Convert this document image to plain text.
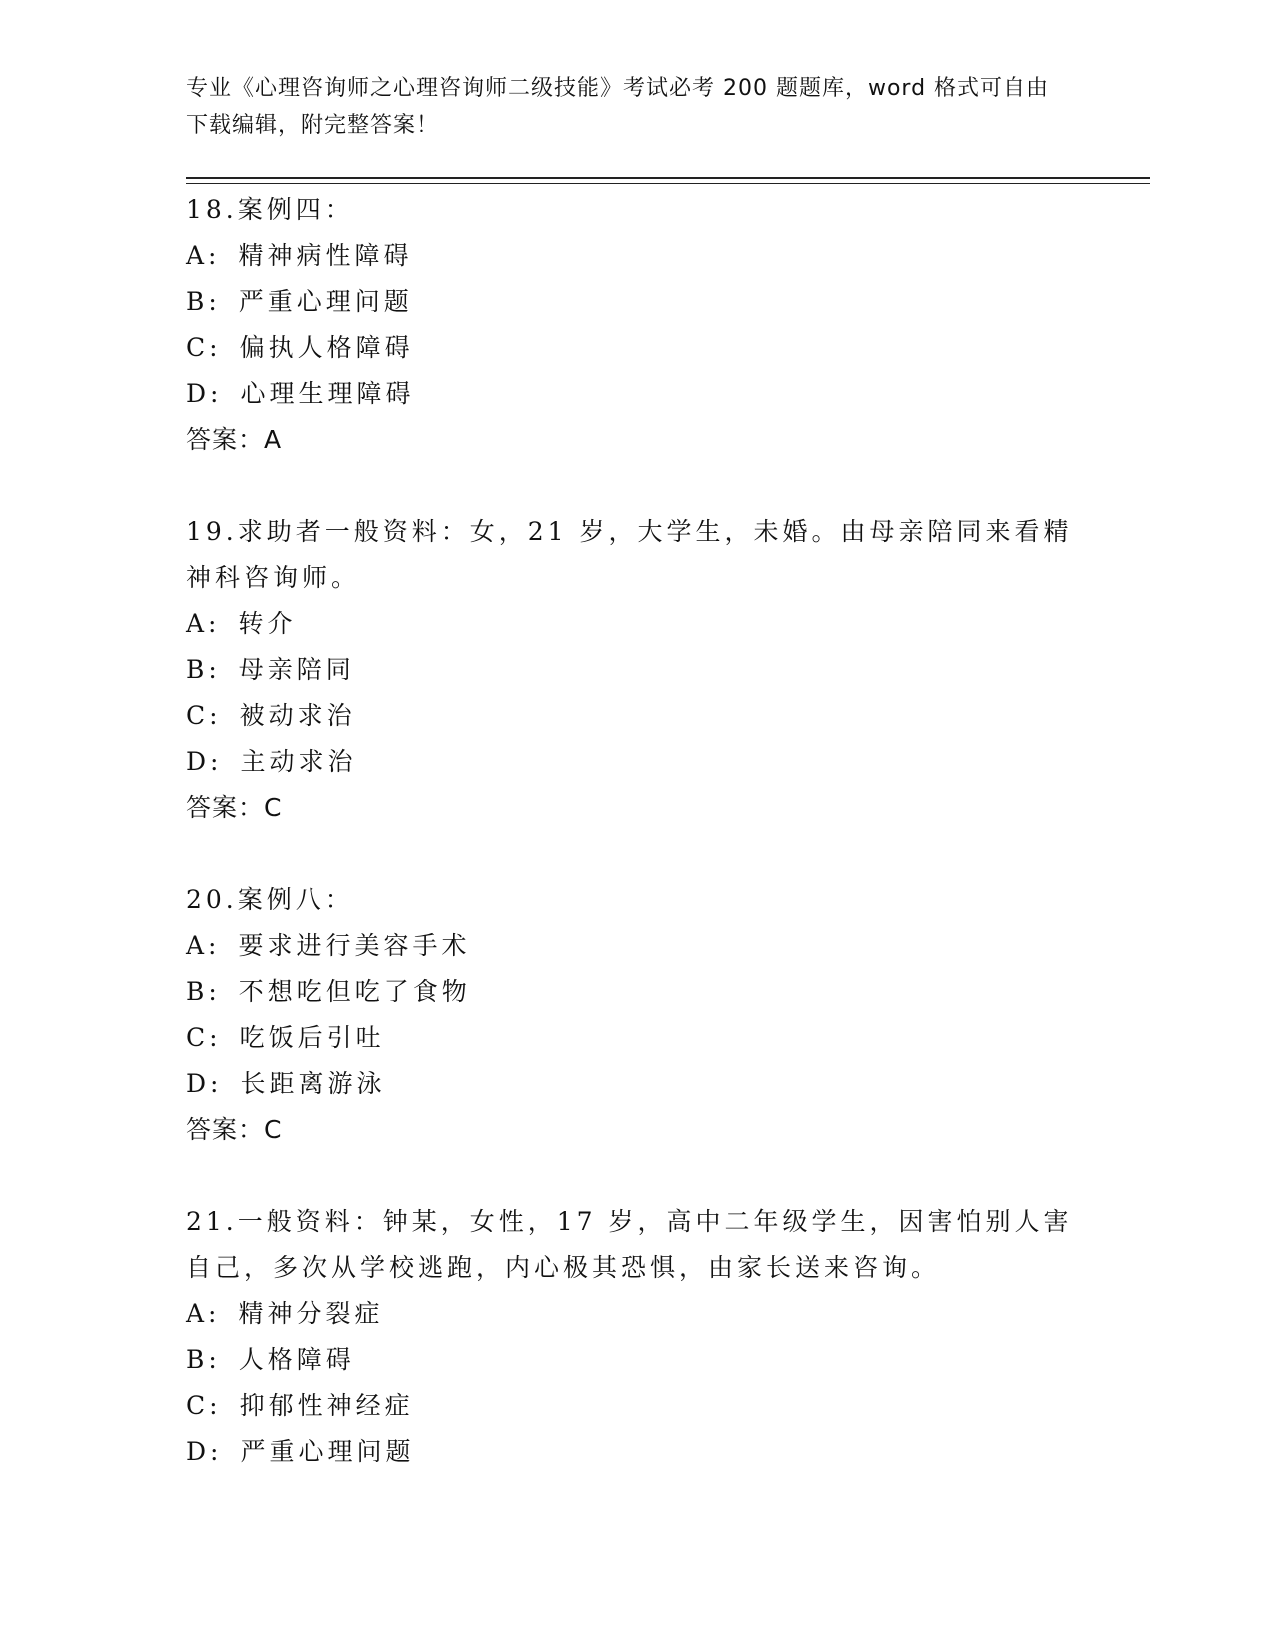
专业《心理咨询师之心理咨询师二级技能》考试必考 200 题题库，word 格式可自由下载编辑，附完整答案！
18.案例四：
A: 精神病性障碍
B: 严重心理问题
C: 偏执人格障碍
D: 心理生理障碍
答案：A
19.求助者一般资料：女，21 岁，大学生，未婚。由母亲陪同来看精神科咨询师。
A: 转介
B: 母亲陪同
C: 被动求治
D: 主动求治
答案：C
20.案例八：
A: 要求进行美容手术
B: 不想吃但吃了食物
C: 吃饭后引吐
D: 长距离游泳
答案：C
21.一般资料：钟某，女性，17 岁，高中二年级学生，因害怕别人害自己，多次从学校逃跑，内心极其恐惧，由家长送来咨询。
A: 精神分裂症
B: 人格障碍
C: 抑郁性神经症
D: 严重心理问题
